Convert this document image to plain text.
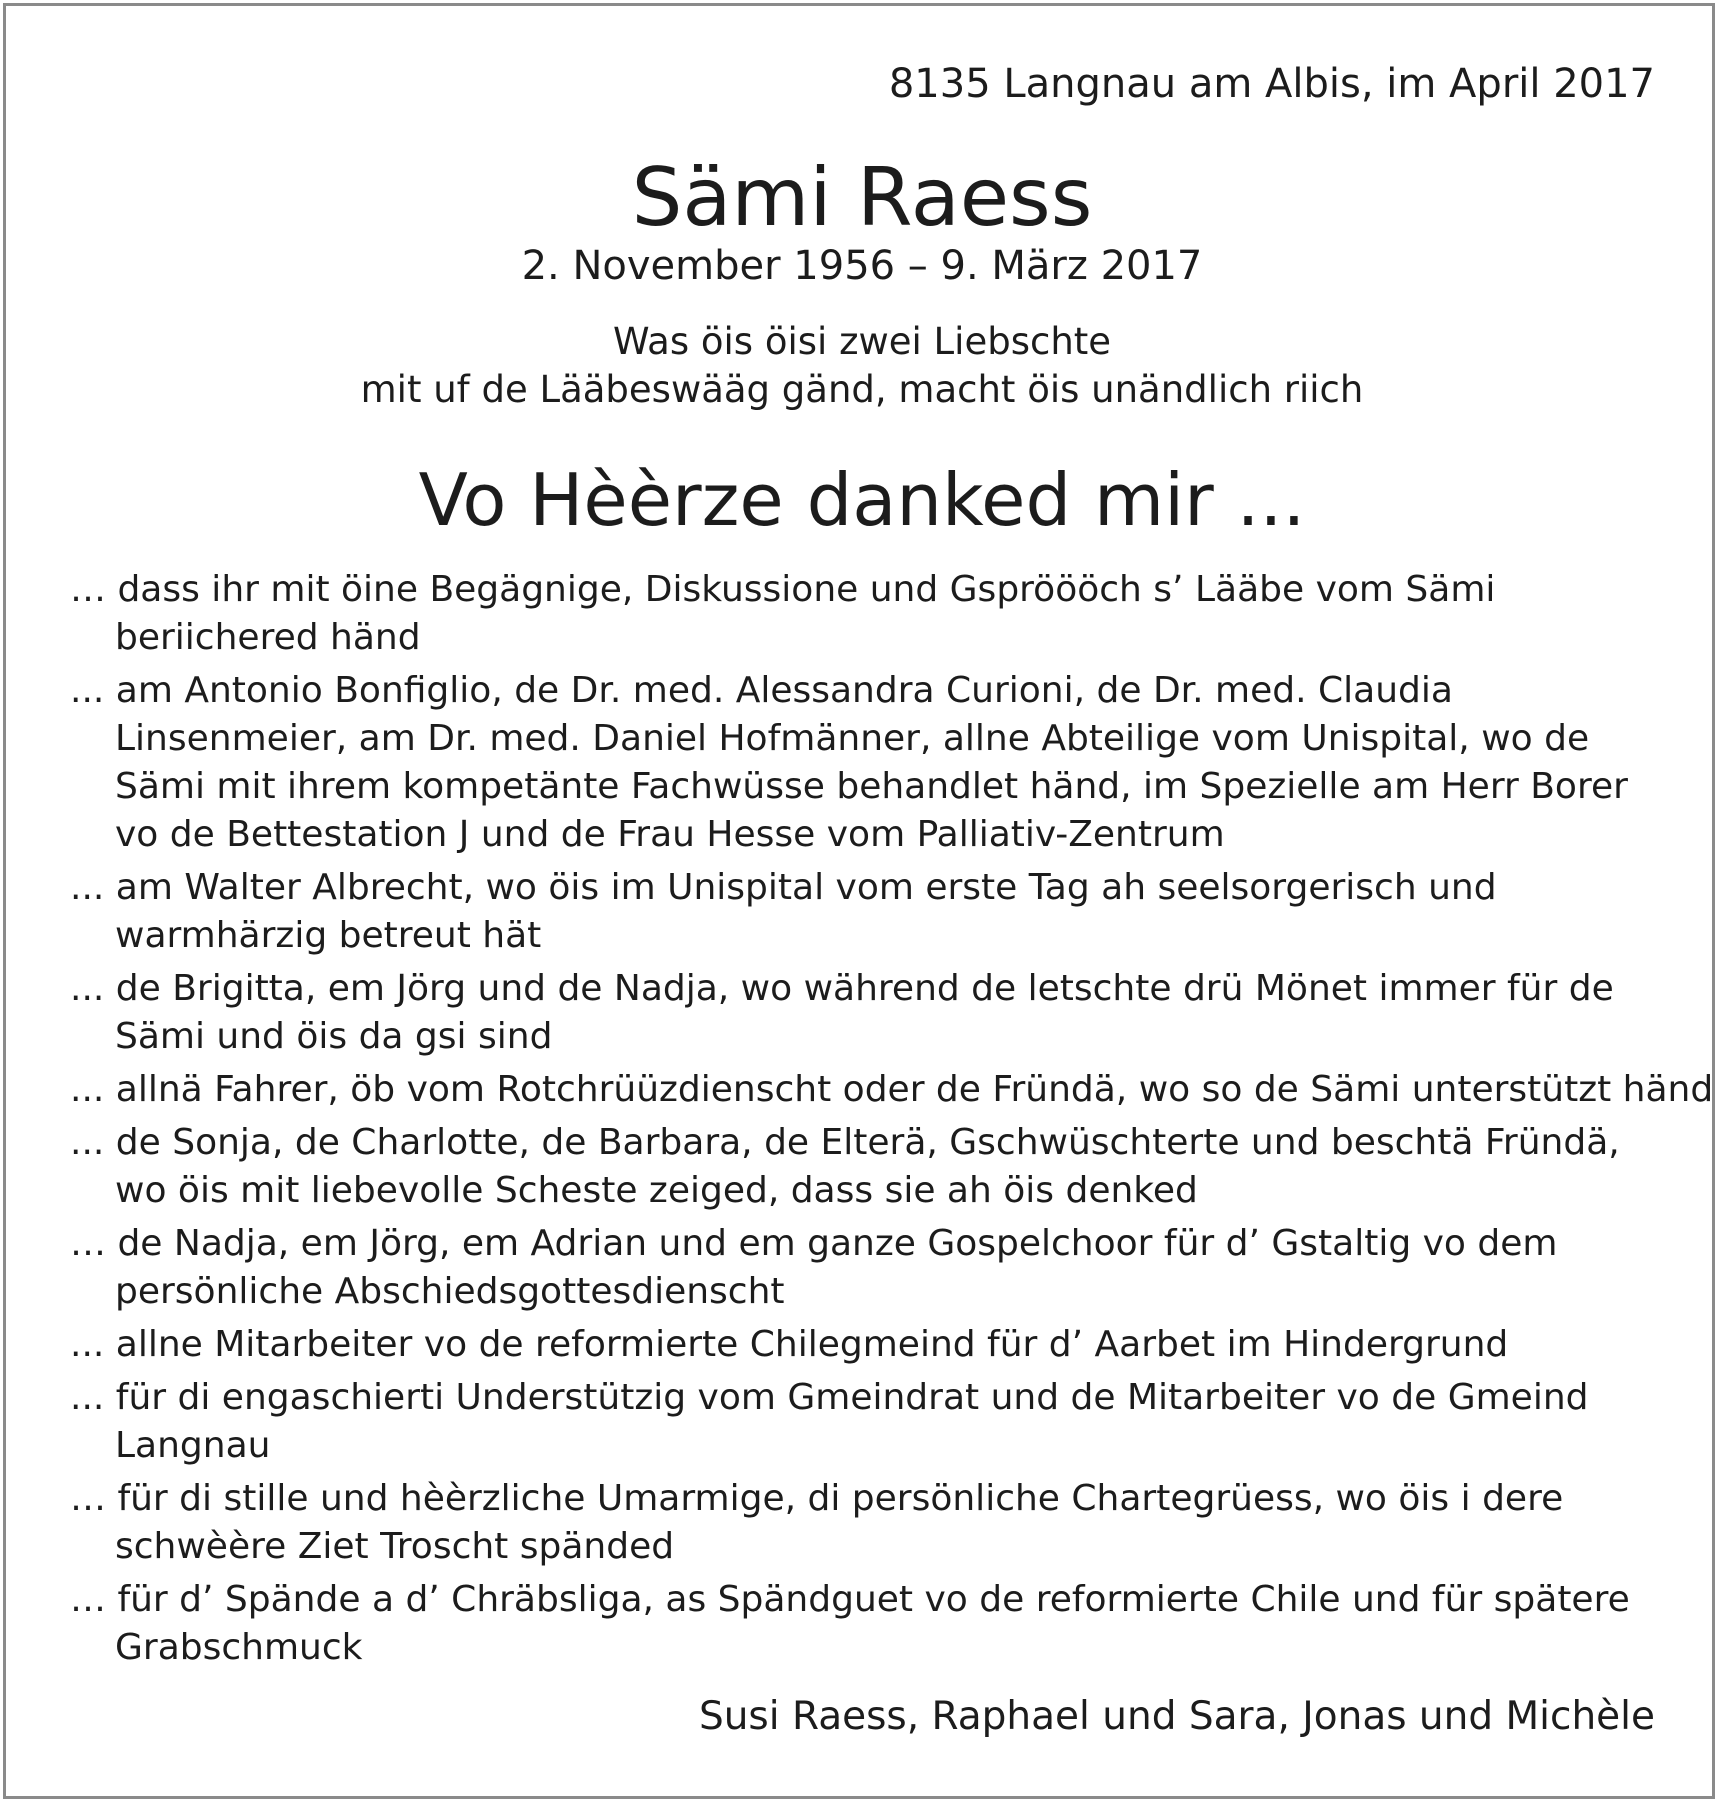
8135 Langnau am Albis, im April 2017
Sämi Raess
2. November 1956 – 9. März 2017
Was öis öisi zwei Liebschte
mit uf de Lääbeswääg gänd, macht öis unändlich riich
Vo Hèèrze danked mir ...
… dass ihr mit öine Begägnige, Diskussione und Gspröööch s’ Lääbe vom Sämi
beriichered händ
... am Antonio Bonfiglio, de Dr. med. Alessandra Curioni, de Dr. med. Claudia
Linsenmeier, am Dr. med. Daniel Hofmänner, allne Abteilige vom Unispital, wo de
Sämi mit ihrem kompetänte Fachwüsse behandlet händ, im Spezielle am Herr Borer
vo de Bettestation J und de Frau Hesse vom Palliativ-Zentrum
... am Walter Albrecht, wo öis im Unispital vom erste Tag ah seelsorgerisch und
warmhärzig betreut hät
... de Brigitta, em Jörg und de Nadja, wo während de letschte drü Mönet immer für de
Sämi und öis da gsi sind
... allnä Fahrer, öb vom Rotchrüüzdienscht oder de Fründä, wo so de Sämi unterstützt händ
... de Sonja, de Charlotte, de Barbara, de Elterä, Gschwüschterte und beschtä Fründä,
wo öis mit liebevolle Scheste zeiged, dass sie ah öis denked
… de Nadja, em Jörg, em Adrian und em ganze Gospelchoor für d’ Gstaltig vo dem
persönliche Abschiedsgottesdienscht
... allne Mitarbeiter vo de reformierte Chilegmeind für d’ Aarbet im Hindergrund
... für di engaschierti Understützig vom Gmeindrat und de Mitarbeiter vo de Gmeind
Langnau
… für di stille und hèèrzliche Umarmige, di persönliche Chartegrüess, wo öis i dere
schwèère Ziet Troscht spänded
… für d’ Spände a d’ Chräbsliga, as Spändguet vo de reformierte Chile und für spätere
Grabschmuck
Susi Raess, Raphael und Sara, Jonas und Michèle
